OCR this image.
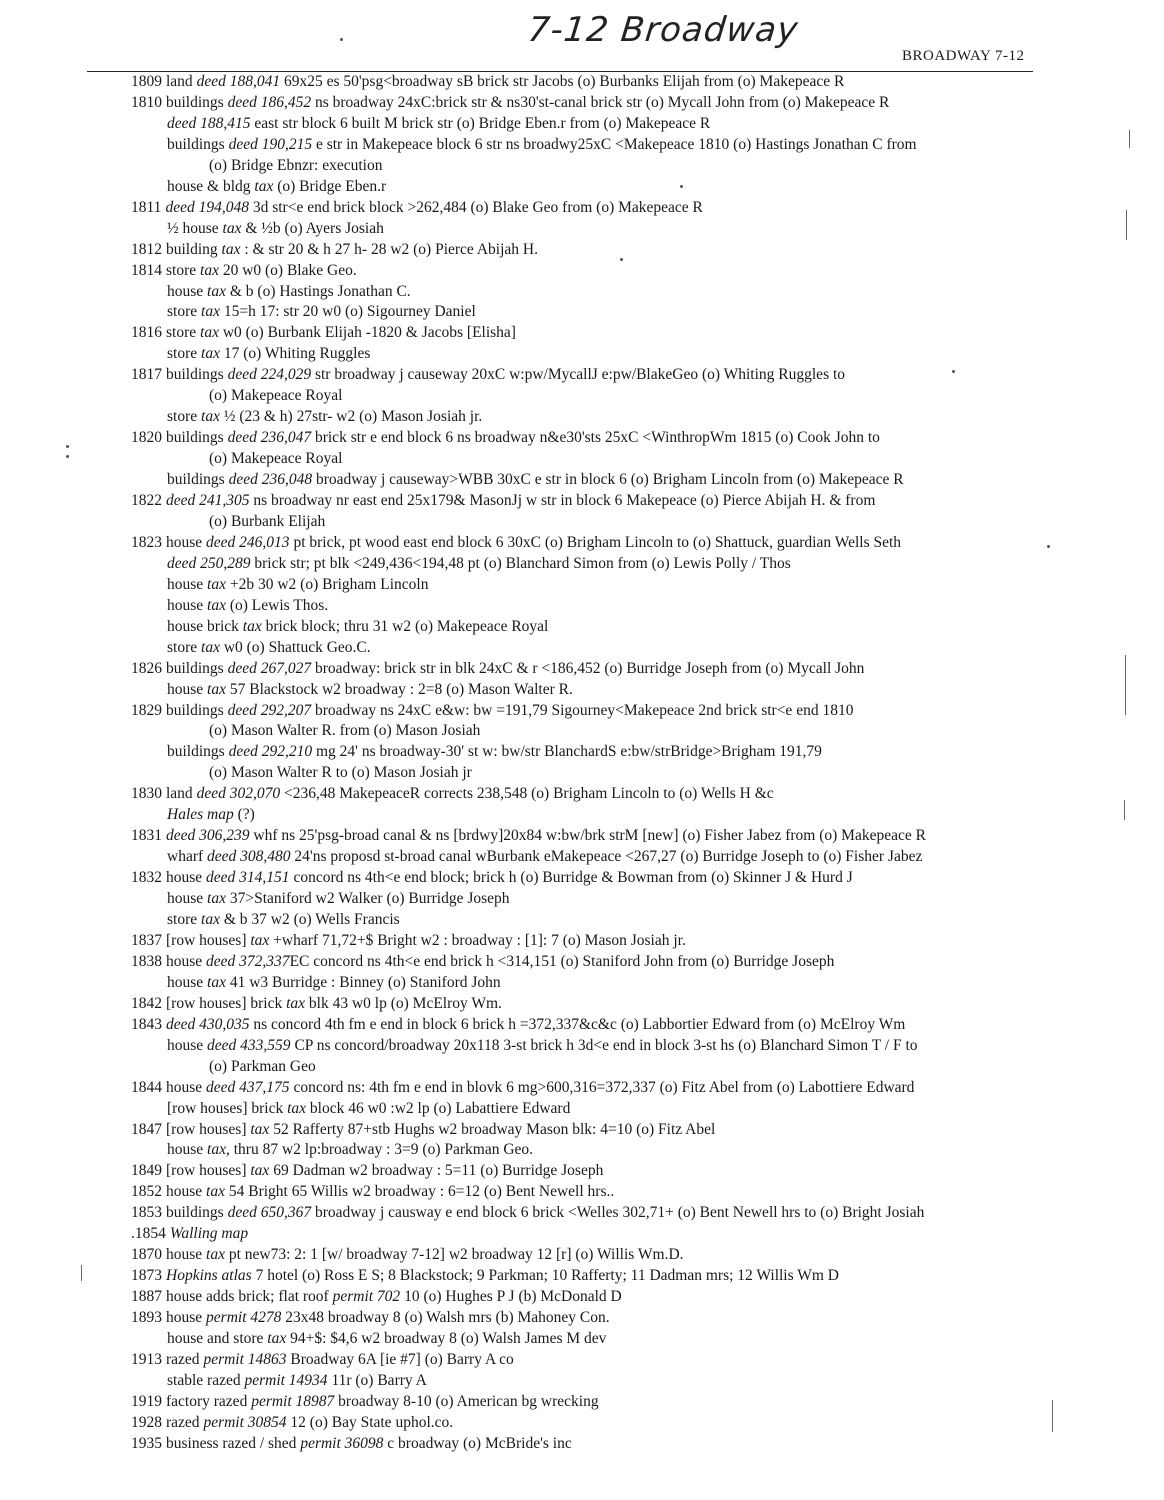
7-12 Broadway
BROADWAY 7-12
1809 land deed 188,041 69x25 es 50'psg<broadway sB brick str Jacobs (o) Burbanks Elijah from (o) Makepeace R
1810 buildings deed 186,452 ns broadway 24xC:brick str & ns30'st-canal brick str (o) Mycall John from (o) Makepeace R
deed 188,415 east str block 6 built M brick str (o) Bridge Eben.r from (o) Makepeace R
buildings deed 190,215 e str in Makepeace block 6 str ns broadwy25xC <Makepeace 1810 (o) Hastings Jonathan C from
(o) Bridge Ebnzr: execution
house & bldg tax (o) Bridge Eben.r
1811 deed 194,048 3d str<e end brick block >262,484 (o) Blake Geo from (o) Makepeace R
½ house tax & ½b (o) Ayers Josiah
1812 building tax : & str 20 & h 27 h- 28 w2 (o) Pierce Abijah H.
1814 store tax 20 w0 (o) Blake Geo.
house tax & b (o) Hastings Jonathan C.
store tax 15=h 17: str 20 w0 (o) Sigourney Daniel
1816 store tax w0 (o) Burbank Elijah -1820 & Jacobs [Elisha]
store tax 17 (o) Whiting Ruggles
1817 buildings deed 224,029 str broadway j causeway 20xC w:pw/MycallJ e:pw/BlakeGeo (o) Whiting Ruggles to
(o) Makepeace Royal
store tax ½ (23 & h) 27str- w2 (o) Mason Josiah jr.
1820 buildings deed 236,047 brick str e end block 6 ns broadway n&e30'sts 25xC <WinthropWm 1815 (o) Cook John to
(o) Makepeace Royal
buildings deed 236,048 broadway j causeway>WBB 30xC e str in block 6 (o) Brigham Lincoln from (o) Makepeace R
1822 deed 241,305 ns broadway nr east end 25x179& MasonJj w str in block 6 Makepeace (o) Pierce Abijah H. & from
(o) Burbank Elijah
1823 house deed 246,013 pt brick, pt wood east end block 6 30xC (o) Brigham Lincoln to (o) Shattuck, guardian Wells Seth
deed 250,289 brick str; pt blk <249,436<194,48 pt (o) Blanchard Simon from (o) Lewis Polly / Thos
house tax +2b 30 w2 (o) Brigham Lincoln
house tax (o) Lewis Thos.
house brick tax brick block; thru 31 w2 (o) Makepeace Royal
store tax w0 (o) Shattuck Geo.C.
1826 buildings deed 267,027 broadway: brick str in blk 24xC & r <186,452 (o) Burridge Joseph from (o) Mycall John
house tax 57 Blackstock w2 broadway : 2=8 (o) Mason Walter R.
1829 buildings deed 292,207 broadway ns 24xC e&w: bw =191,79 Sigourney<Makepeace 2nd brick str<e end 1810
(o) Mason Walter R. from (o) Mason Josiah
buildings deed 292,210 mg 24' ns broadway-30' st w: bw/str BlanchardS e:bw/strBridge>Brigham 191,79
(o) Mason Walter R to (o) Mason Josiah jr
1830 land deed 302,070 <236,48 MakepeaceR corrects 238,548 (o) Brigham Lincoln to (o) Wells H &c
Hales map (?)
1831 deed 306,239 whf ns 25'psg-broad canal & ns [brdwy]20x84 w:bw/brk strM [new] (o) Fisher Jabez from (o) Makepeace R
wharf deed 308,480 24'ns proposd st-broad canal wBurbank eMakepeace <267,27 (o) Burridge Joseph to (o) Fisher Jabez
1832 house deed 314,151 concord ns 4th<e end block; brick h (o) Burridge & Bowman from (o) Skinner J & Hurd J
house tax 37>Staniford w2 Walker (o) Burridge Joseph
store tax & b 37 w2 (o) Wells Francis
1837 [row houses] tax +wharf 71,72+$ Bright w2 : broadway : [1]: 7 (o) Mason Josiah jr.
1838 house deed 372,337EC concord ns 4th<e end brick h <314,151 (o) Staniford John from (o) Burridge Joseph
house tax 41 w3 Burridge : Binney (o) Staniford John
1842 [row houses] brick tax blk 43 w0 lp (o) McElroy Wm.
1843 deed 430,035 ns concord 4th fm e end in block 6 brick h =372,337&c&c (o) Labbortier Edward from (o) McElroy Wm
house deed 433,559 CP ns concord/broadway 20x118 3-st brick h 3d<e end in block 3-st hs (o) Blanchard Simon T / F to
(o) Parkman Geo
1844 house deed 437,175 concord ns: 4th fm e end in blovk 6 mg>600,316=372,337 (o) Fitz Abel from (o) Labottiere Edward
[row houses] brick tax block 46 w0 :w2 lp (o) Labattiere Edward
1847 [row houses] tax 52 Rafferty 87+stb Hughs w2 broadway Mason blk: 4=10 (o) Fitz Abel
house tax, thru 87 w2 lp:broadway : 3=9 (o) Parkman Geo.
1849 [row houses] tax 69 Dadman w2 broadway : 5=11 (o) Burridge Joseph
1852 house tax 54 Bright 65 Willis w2 broadway : 6=12 (o) Bent Newell hrs..
1853 buildings deed 650,367 broadway j causway e end block 6 brick <Welles 302,71+ (o) Bent Newell hrs to (o) Bright Josiah
.1854 Walling map
1870 house tax pt new73: 2: 1 [w/ broadway 7-12] w2 broadway 12 [r] (o) Willis Wm.D.
1873 Hopkins atlas 7 hotel (o) Ross E S; 8 Blackstock; 9 Parkman; 10 Rafferty; 11 Dadman mrs; 12 Willis Wm D
1887 house adds brick; flat roof permit 702 10 (o) Hughes P J (b) McDonald D
1893 house permit 4278 23x48 broadway 8 (o) Walsh mrs (b) Mahoney Con.
house and store tax 94+$: $4,6 w2 broadway 8 (o) Walsh James M dev
1913 razed permit 14863 Broadway 6A [ie #7] (o) Barry A co
stable razed permit 14934 11r (o) Barry A
1919 factory razed permit 18987 broadway 8-10 (o) American bg wrecking
1928 razed permit 30854 12 (o) Bay State uphol.co.
1935 business razed / shed permit 36098 c broadway (o) McBride's inc
